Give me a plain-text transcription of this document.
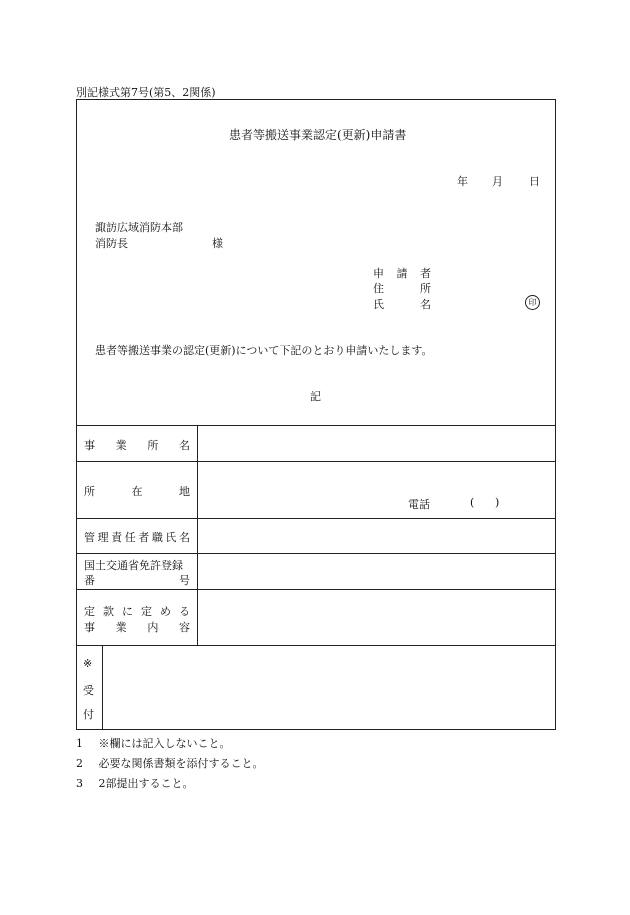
別記様式第7号(第5、2関係)
患者等搬送事業認定(更新)申請書
年 月 日
諏訪広域消防本部
消防長	様
申 請 者
住	所
氏	名	印
患者等搬送事業の認定(更新)について下記のとおり申請いたします。
記
事 業 所 名
所	在	地
電話	( )
管 理 責 任 者 職 氏 名
国土交通省免許登録
番	号
定 款 に 定 め る
事 業 内 容
※
受
付
1 ※欄には記入しないこと。
2 必要な関係書類を添付すること。
3 2部提出すること。
